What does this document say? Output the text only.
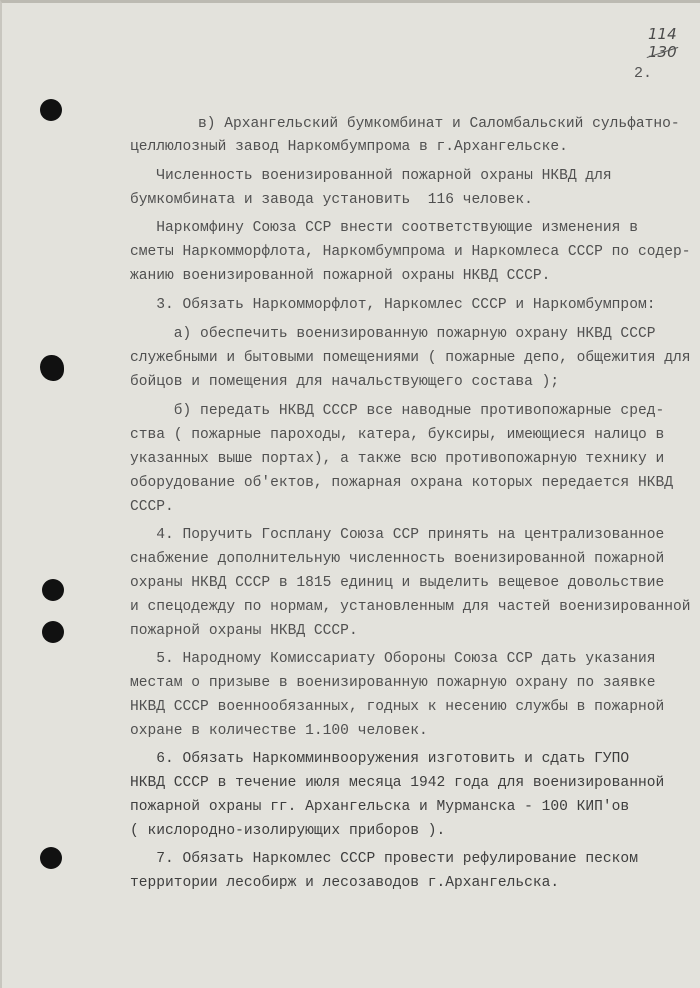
114
130
2.
в) Архангельский бумкомбинат и Саломбальский сульфатно-
целлюлозный завод Наркомбумпрома в г.Архангельске.
Численность военизированной пожарной охраны НКВД для
бумкомбината и завода установить  116 человек.
Наркомфину Союза ССР внести соответствующие изменения в
сметы Наркомморфлота, Наркомбумпрома и Наркомлеса СССР по содер-
жанию военизированной пожарной охраны НКВД СССР.
3. Обязать Наркомморфлот, Наркомлес СССР и Наркомбумпром:
а) обеспечить военизированную пожарную охрану НКВД СССР
служебными и бытовыми помещениями ( пожарные депо, общежития для
бойцов и помещения для начальствующего состава );
б) передать НКВД СССР все наводные противопожарные сред-
ства ( пожарные пароходы, катера, буксиры, имеющиеся налицо в
указанных выше портах), а также всю противопожарную технику и
оборудование об'ектов, пожарная охрана которых передается НКВД
СССР.
4. Поручить Госплану Союза ССР принять на централизованное
снабжение дополнительную численность военизированной пожарной
охраны НКВД СССР в 1815 единиц и выделить вещевое довольствие
и спецодежду по нормам, установленным для частей военизированной
пожарной охраны НКВД СССР.
5. Народному Комиссариату Обороны Союза ССР дать указания
местам о призыве в военизированную пожарную охрану по заявке
НКВД СССР военнообязанных, годных к несению службы в пожарной
охране в количестве 1.100 человек.
6. Обязать Наркомминвооружения изготовить и сдать ГУПО
НКВД СССР в течение июля месяца 1942 года для военизированной
пожарной охраны гг. Архангельска и Мурманска - 100 КИП'ов
( кислородно-изолирующих приборов ).
7. Обязать Наркомлес СССР провести рефулирование песком
территории лесобирж и лесозаводов г.Архангельска.
